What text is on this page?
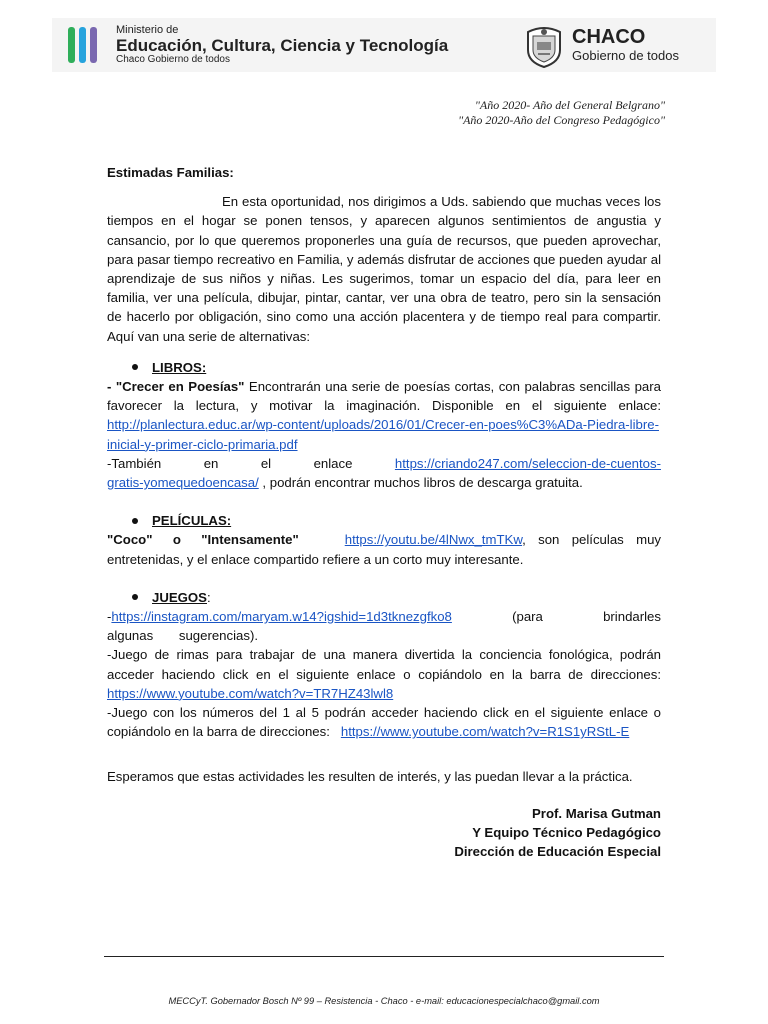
Ministerio de
Educación, Cultura, Ciencia y Tecnología
Chaco Gobierno de todos
CHACO
Gobierno de todos
"Año 2020- Año del General Belgrano"
"Año 2020-Año del Congreso Pedagógico"
Estimadas Familias:

En esta oportunidad, nos dirigimos a Uds. sabiendo que muchas veces los tiempos en el hogar se ponen tensos, y aparecen algunos sentimientos de angustia y cansancio, por lo que queremos proponerles una guía de recursos, que pueden aprovechar, para pasar tiempo recreativo en Familia, y además disfrutar de acciones que pueden ayudar al aprendizaje de sus niños y niñas. Les sugerimos, tomar un espacio del día, para leer en familia, ver una película, dibujar, pintar, cantar, ver una obra de teatro, pero sin la sensación de hacerlo por obligación, sino como una acción placentera y de tiempo real para compartir. Aquí van una serie de alternativas:

LIBROS:

- "Crecer en Poesías" Encontrarán una serie de poesías cortas, con palabras sencillas para favorecer la lectura, y motivar la imaginación. Disponible en el siguiente enlace: http://planlectura.educ.ar/wp-content/uploads/2016/01/Crecer-en-poes%C3%ADa-Piedra-libre-inicial-y-primer-ciclo-primaria.pdf

-También en el enlace https://criando247.com/seleccion-de-cuentos-gratis-yomequedoencasa/ , podrán encontrar muchos libros de descarga gratuita.

PELÍCULAS:

"Coco" o "Intensamente"	https://youtu.be/4lNwx_tmTKw, son películas muy entretenidas, y el enlace compartido refiere a un corto muy interesante.

JUEGOS :

-https://instagram.com/maryam.w14?igshid=1d3tknezgfko8 (para brindarles algunas sugerencias).

-Juego de rimas para trabajar de una manera divertida la conciencia fonológica, podrán acceder haciendo click en el siguiente enlace o copiándolo en la barra de direcciones: https://www.youtube.com/watch?v=TR7HZ43lwl8

-Juego con los números del 1 al 5 podrán acceder haciendo click en el siguiente enlace o copiándolo en la barra de direcciones:   https://www.youtube.com/watch?v=R1S1yRStL-E

Esperamos que estas actividades les resulten de interés, y las puedan llevar a la práctica.
Prof. Marisa Gutman
Y Equipo Técnico Pedagógico
Dirección de Educación Especial
MECCyT. Gobernador Bosch Nº 99 – Resistencia - Chaco - e-mail: educacionespecialchaco@gmail.com
